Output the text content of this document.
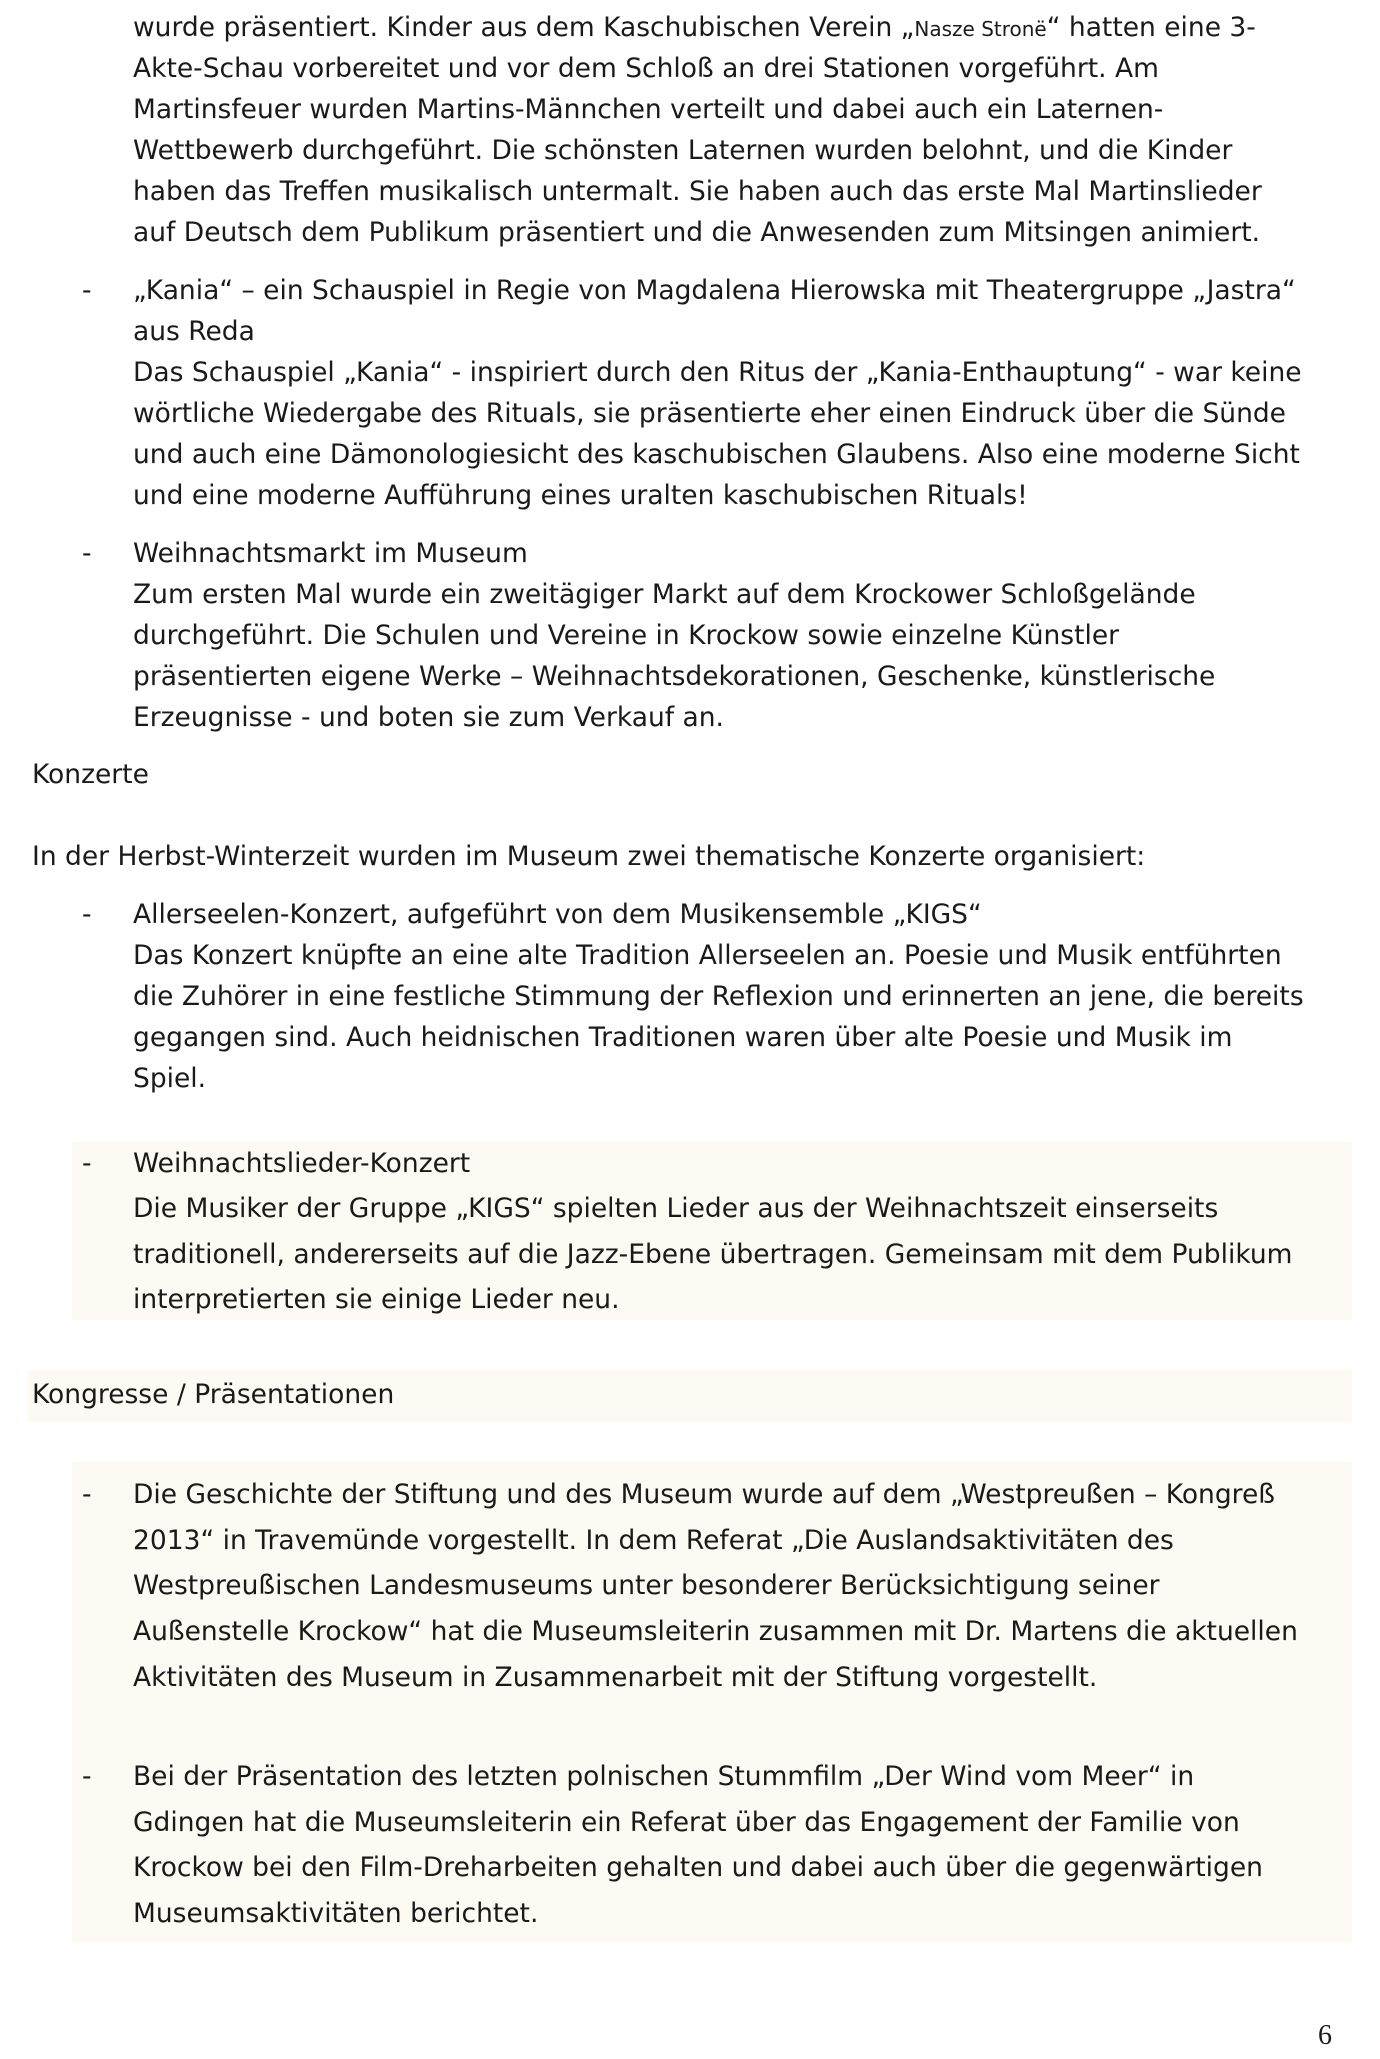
wurde präsentiert. Kinder aus dem Kaschubischen Verein „Nasze Stronë“ hatten eine 3-
Akte-Schau vorbereitet und vor dem Schloß an drei Stationen vorgeführt. Am
Martinsfeuer wurden Martins-Männchen verteilt und dabei auch ein Laternen-
Wettbewerb durchgeführt. Die schönsten Laternen wurden belohnt, und die Kinder
haben das Treffen musikalisch untermalt. Sie haben auch das erste Mal Martinslieder
auf Deutsch dem Publikum präsentiert und die Anwesenden zum Mitsingen animiert.
- „Kania“ – ein Schauspiel in Regie von Magdalena Hierowska mit Theatergruppe „Jastra“
aus Reda
Das Schauspiel „Kania“ - inspiriert durch den Ritus der „Kania-Enthauptung“ - war keine
wörtliche Wiedergabe des Rituals, sie präsentierte eher einen Eindruck über die Sünde
und auch eine Dämonologiesicht des kaschubischen Glaubens. Also eine moderne Sicht
und eine moderne Aufführung eines uralten kaschubischen Rituals!
- Weihnachtsmarkt im Museum
Zum ersten Mal wurde ein zweitägiger Markt auf dem Krockower Schloßgelände
durchgeführt. Die Schulen und Vereine in Krockow sowie einzelne Künstler
präsentierten eigene Werke – Weihnachtsdekorationen, Geschenke, künstlerische
Erzeugnisse - und boten sie zum Verkauf an.
Konzerte
In der Herbst-Winterzeit wurden im Museum zwei thematische Konzerte organisiert:
- Allerseelen-Konzert, aufgeführt von dem Musikensemble „KIGS“
Das Konzert knüpfte an eine alte Tradition Allerseelen an. Poesie und Musik entführten
die Zuhörer in eine festliche Stimmung der Reflexion und erinnerten an jene, die bereits
gegangen sind. Auch heidnischen Traditionen waren über alte Poesie und Musik im
Spiel.
- Weihnachtslieder-Konzert
Die Musiker der Gruppe „KIGS“ spielten Lieder aus der Weihnachtszeit einserseits
traditionell, andererseits auf die Jazz-Ebene übertragen. Gemeinsam mit dem Publikum
interpretierten sie einige Lieder neu.
Kongresse / Präsentationen
- Die Geschichte der Stiftung und des Museum wurde auf dem „Westpreußen – Kongreß
2013“ in Travemünde vorgestellt. In dem Referat „Die Auslandsaktivitäten des
Westpreußischen Landesmuseums unter besonderer Berücksichtigung seiner
Außenstelle Krockow“ hat die Museumsleiterin zusammen mit Dr. Martens die aktuellen
Aktivitäten des Museum in Zusammenarbeit mit der Stiftung vorgestellt.
- Bei der Präsentation des letzten polnischen Stummfilm „Der Wind vom Meer“ in
Gdingen hat die Museumsleiterin ein Referat über das Engagement der Familie von
Krockow bei den Film-Dreharbeiten gehalten und dabei auch über die gegenwärtigen
Museumsaktivitäten berichtet.
6
